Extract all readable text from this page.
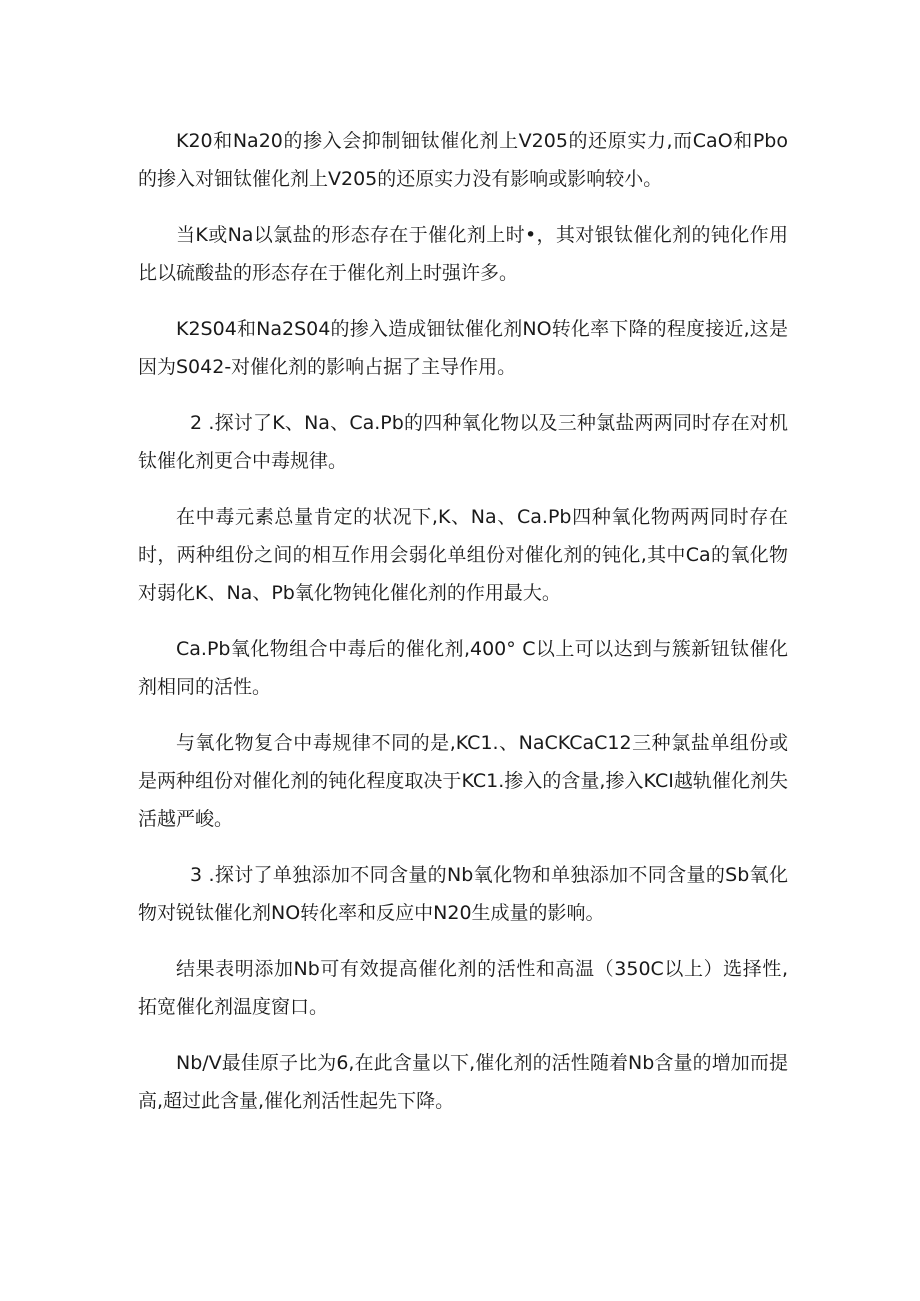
K20和Na20的掺入会抑制钿钛催化剂上V205的还原实力,而CaO和Pbo的掺入对钿钛催化剂上V205的还原实力没有影响或影响较小。

当K或Na以氯盐的形态存在于催化剂上时•，其对银钛催化剂的钝化作用比以硫酸盐的形态存在于催化剂上时强许多。

K2S04和Na2S04的掺入造成钿钛催化剂NO转化率下降的程度接近,这是因为S042-对催化剂的影响占据了主导作用。

2 .探讨了K、Na、Ca.Pb的四种氧化物以及三种氯盐两两同时存在对机钛催化剂更合中毒规律。

在中毒元素总量肯定的状况下,K、Na、Ca.Pb四种氧化物两两同时存在时，两种组份之间的相互作用会弱化单组份对催化剂的钝化,其中Ca的氧化物对弱化K、Na、Pb氧化物钝化催化剂的作用最大。

Ca.Pb氧化物组合中毒后的催化剂,400° C以上可以达到与簇新钮钛催化剂相同的活性。

与氧化物复合中毒规律不同的是,KC1.、NaCKCaC12三种氯盐单组份或是两种组份对催化剂的钝化程度取决于KC1.掺入的含量,掺入KCI越轨催化剂失活越严峻。

3 .探讨了单独添加不同含量的Nb氧化物和单独添加不同含量的Sb氧化物对锐钛催化剂NO转化率和反应中N20生成量的影响。

结果表明添加Nb可有效提高催化剂的活性和高温（350C以上）选择性,拓宽催化剂温度窗口。

Nb/V最佳原子比为6,在此含量以下,催化剂的活性随着Nb含量的增加而提高,超过此含量,催化剂活性起先下降。
